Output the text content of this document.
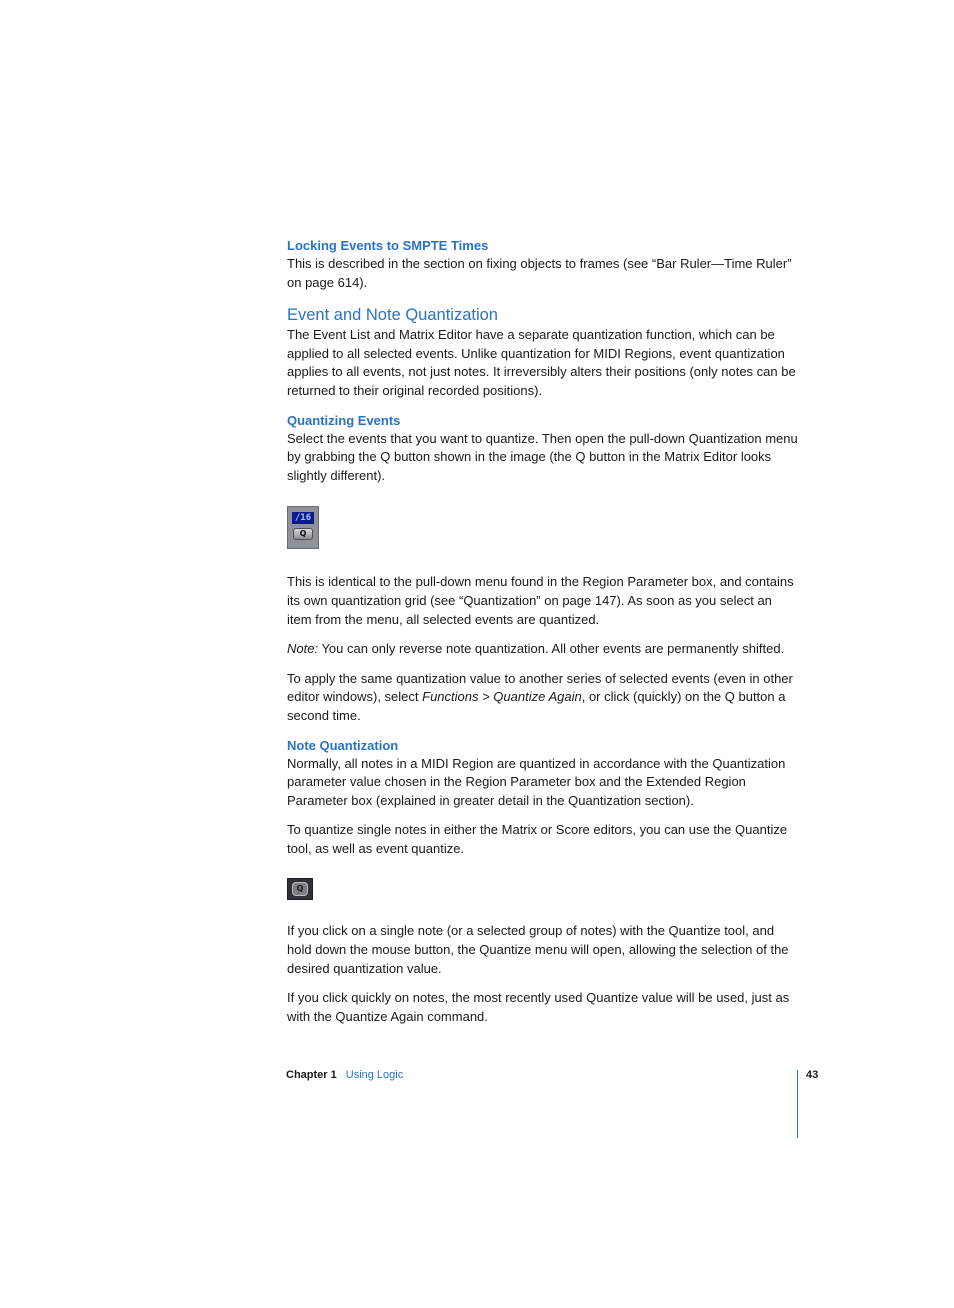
Locking Events to SMPTE Times

This is described in the section on fixing objects to frames (see “Bar Ruler—Time Ruler” on page 614).

Event and Note Quantization

The Event List and Matrix Editor have a separate quantization function, which can be applied to all selected events. Unlike quantization for MIDI Regions, event quantization applies to all events, not just notes. It irreversibly alters their positions (only notes can be returned to their original recorded positions).

Quantizing Events

Select the events that you want to quantize. Then open the pull-down Quantization menu by grabbing the Q button shown in the image (the Q button in the Matrix Editor looks slightly different).

/16
Q

This is identical to the pull-down menu found in the Region Parameter box, and contains its own quantization grid (see “Quantization” on page 147). As soon as you select an item from the menu, all selected events are quantized.

Note: You can only reverse note quantization. All other events are permanently shifted.

To apply the same quantization value to another series of selected events (even in other editor windows), select Functions > Quantize Again, or click (quickly) on the Q button a second time.

Note Quantization

Normally, all notes in a MIDI Region are quantized in accordance with the Quantization parameter value chosen in the Region Parameter box and the Extended Region Parameter box (explained in greater detail in the Quantization section).

To quantize single notes in either the Matrix or Score editors, you can use the Quantize tool, as well as event quantize.

Q

If you click on a single note (or a selected group of notes) with the Quantize tool, and hold down the mouse button, the Quantize menu will open, allowing the selection of the desired quantization value.

If you click quickly on notes, the most recently used Quantize value will be used, just as with the Quantize Again command.

Chapter 1 Using Logic	43
